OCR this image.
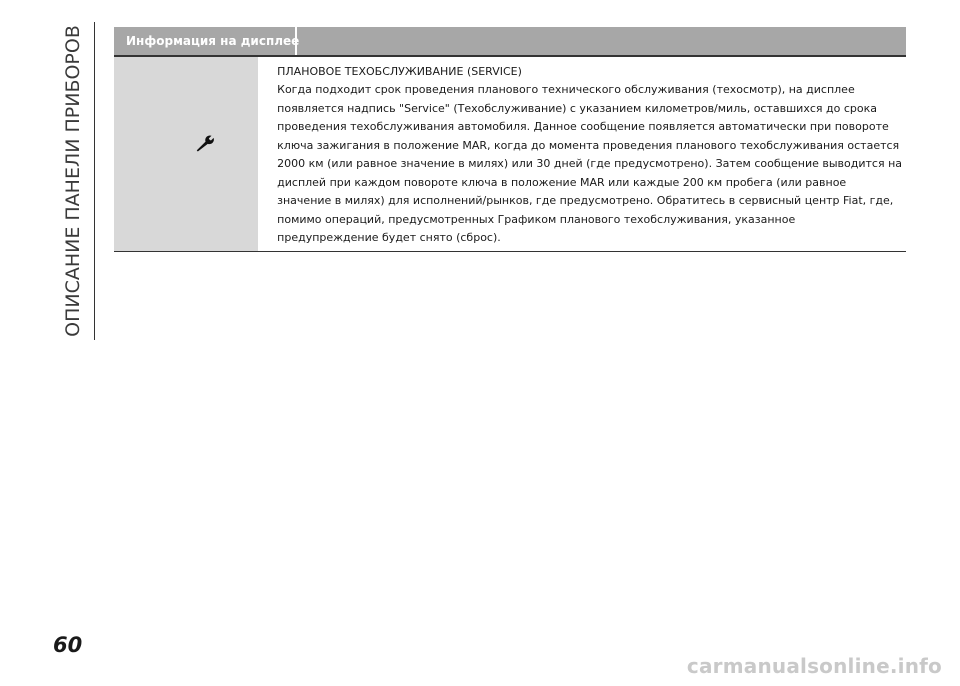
ОПИСАНИЕ ПАНЕЛИ ПРИБОРОВ	Информация на дисплее
ПЛАНОВОЕ ТЕХОБСЛУЖИВАНИЕ (SERVICE)
Когда подходит срок проведения планового технического обслуживания (техосмотр), на дисплее
появляется надпись "Service" (Техобслуживание) с указанием километров/миль, оставшихся до срока
проведения техобслуживания автомобиля. Данное сообщение появляется автоматически при повороте
ключа зажигания в положение MAR, когда до момента проведения планового техобслуживания остается
2000 км (или равное значение в милях) или 30 дней (где предусмотрено). Затем сообщение выводится на
дисплей при каждом повороте ключа в положение MAR или каждые 200 км пробега (или равное
значение в милях) для исполнений/рынков, где предусмотрено. Обратитесь в сервисный центр Fiat, где,
помимо операций, предусмотренных Графиком планового техобслуживания, указанное
предупреждение будет снято (сброс).
60
carmanualsonline.info
